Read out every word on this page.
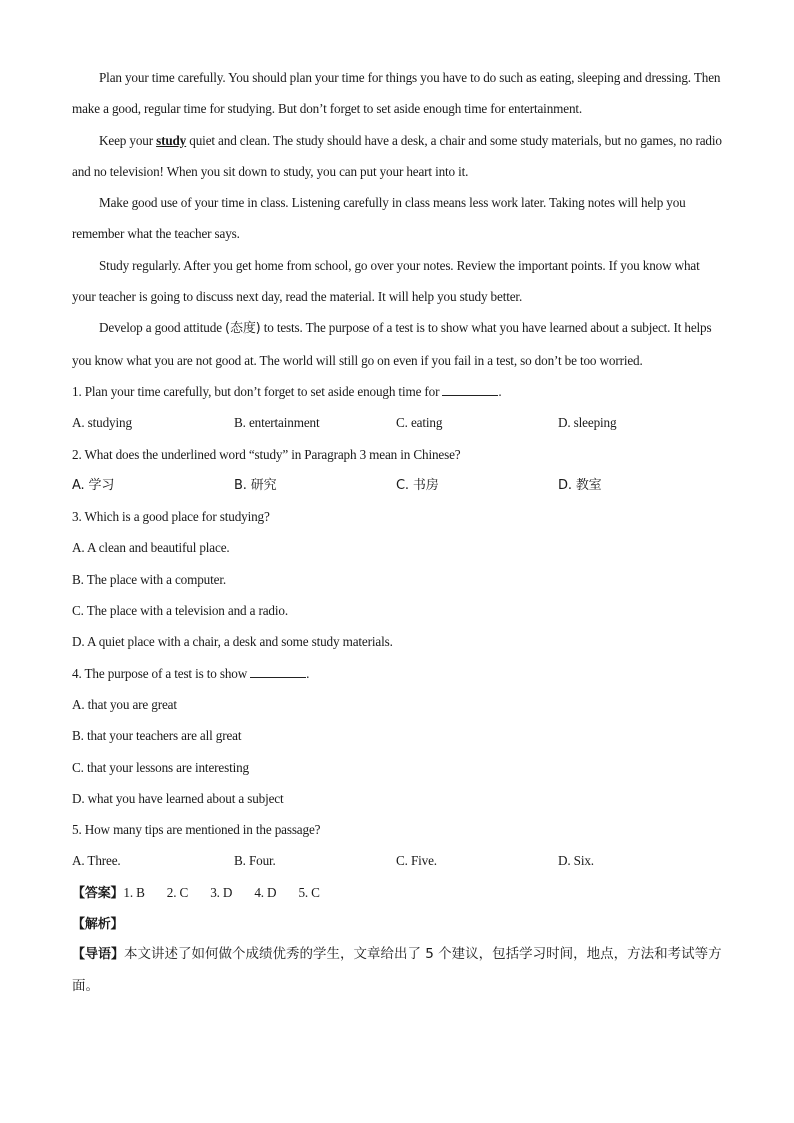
Plan your time carefully. You should plan your time for things you have to do such as eating, sleeping and dressing. Then make a good, regular time for studying. But don’t forget to set aside enough time for entertainment.

Keep your study quiet and clean. The study should have a desk, a chair and some study materials, but no games, no radio and no television! When you sit down to study, you can put your heart into it.

Make good use of your time in class. Listening carefully in class means less work later. Taking notes will help you remember what the teacher says.

Study regularly. After you get home from school, go over your notes. Review the important points. If you know what your teacher is going to discuss next day, read the material. It will help you study better.

Develop a good attitude (态度) to tests. The purpose of a test is to show what you have learned about a subject. It helps you know what you are not good at. The world will still go on even if you fail in a test, so don’t be too worried.

1. Plan your time carefully, but don’t forget to set aside enough time for	.
A. studying	B. entertainment	C. eating	D. sleeping
2. What does the underlined word “study” in Paragraph 3 mean in Chinese?
A. 学习	B. 研究	C. 书房	D. 教室
3. Which is a good place for studying?
A. A clean and beautiful place.
B. The place with a computer.
C. The place with a television and a radio.
D. A quiet place with a chair, a desk and some study materials.
4. The purpose of a test is to show	.
A. that you are great
B. that your teachers are all great
C. that your lessons are interesting
D. what you have learned about a subject
5. How many tips are mentioned in the passage?
A. Three.	B. Four.	C. Five.	D. Six.
【答案】1. B 2. C 3. D 4. D 5. C
【解析】

【导语】本文讲述了如何做个成绩优秀的学生，文章给出了 5 个建议，包括学习时间，地点，方法和考试等方面。
